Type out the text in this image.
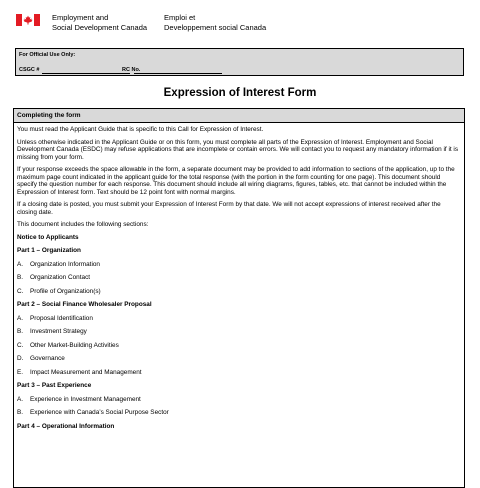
Employment and
Social Development Canada
Emploi et
Developpement social Canada
For Official Use Only:
CSGC #	RC No.
Expression of Interest Form
Completing the form

You must read the Applicant Guide that is specific to this Call for Expression of Interest.

Unless otherwise indicated in the Applicant Guide or on this form, you must complete all parts of the Expression of Interest. Employment and Social Development Canada (ESDC) may refuse applications that are incomplete or contain errors. We will contact you to request any mandatory information if it is missing from your form.

If your response exceeds the space allowable in the form, a separate document may be provided to add information to sections of the application, up to the maximum page count indicated in the applicant guide for the total response (with the portion in the form counting for one page). This document should specify the question number for each response. This document should include all wiring diagrams, figures, tables, etc. that cannot be included within the Expression of Interest form. Text should be 12 point font with normal margins.

If a closing date is posted, you must submit your Expression of Interest Form by that date. We will not accept expressions of interest received after the closing date.

This document includes the following sections:

Notice to Applicants
Part 1 – Organization
A. Organization Information
B. Organization Contact
C. Profile of Organization(s)
Part 2 – Social Finance Wholesaler Proposal
A. Proposal Identification
B. Investment Strategy
C. Other Market-Building Activities
D. Governance
E. Impact Measurement and Management
Part 3 – Past Experience
A. Experience in Investment Management
B. Experience with Canada’s Social Purpose Sector
Part 4 – Operational Information
